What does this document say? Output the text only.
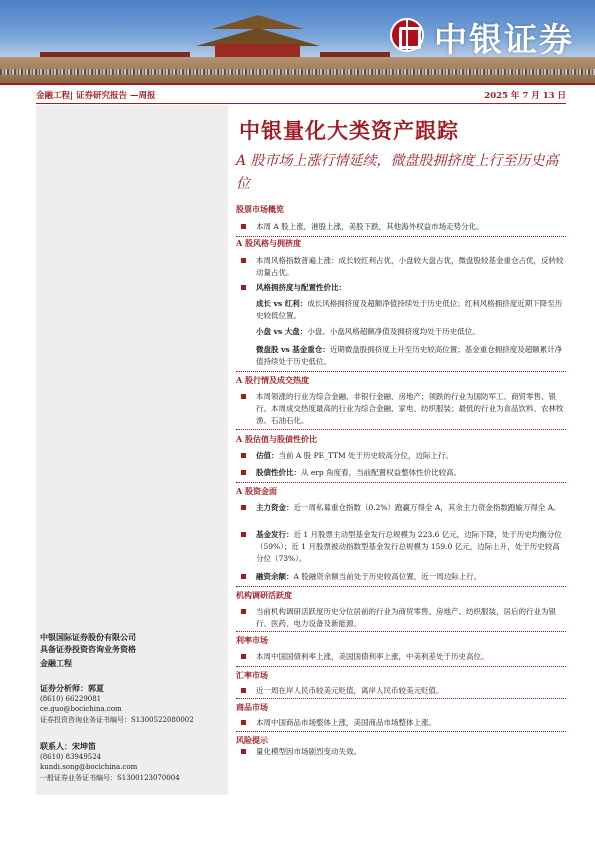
中银证券
金融工程| 证券研究报告 —周报	2025 年 7 月 13 日
中银国际证券股份有限公司
具备证券投资咨询业务资格
金融工程
证券分析师：郭夏
(8610) 66229081
ce.guo@bocichina.com
证券投资咨询业务证书编号：S1300522080002
联系人：宋坤笛
(8610) 83949524
kundi.song@bocichina.com
一般证券业务证书编号：S1300123070004
中银量化大类资产跟踪
A 股市场上涨行情延续，微盘股拥挤度上行至历史高位
股票市场概览
本周 A 股上涨，港股上涨，美股下跌，其他海外权益市场走势分化。
A 股风格与拥挤度
本周风格指数普遍上涨：成长较红利占优，小盘较大盘占优，微盘股较基金重仓占优，反转较动量占优。
风格拥挤度与配置性价比：
成长 vs 红利：成长风格拥挤度及超额净值持续处于历史低位；红利风格拥挤度近期下降至历史较低位置。
小盘 vs 大盘：小盘、小盘风格超额净值及拥挤度均处于历史低位。
微盘股 vs 基金重仓：近期微盘股拥挤度上升至历史较高位置；基金重仓拥挤度及超额累计净值持续处于历史低位。
A 股行情及成交热度
本周领涨的行业为综合金融、非银行金融、房地产；领跌的行业为国防军工、商贸零售、银行。本周成交热度最高的行业为综合金融、家电、纺织服装；最低的行业为食品饮料、农林牧渔、石油石化。
A 股估值与股债性价比
估值：当前 A 股 PE_TTM 处于历史较高分位，边际上行。
股债性价比：从 erp 角度看，当前配置权益整体性价比较高。
A 股资金面
主力资金：近一周私募重仓指数（0.2%）跑赢万得全 A，其余主力资金指数跑输万得全 A。
基金发行：近 1 月股票主动型基金发行总规模为 223.6 亿元，边际下降，处于历史均衡分位（59%）；近 1 月股票被动指数型基金发行总规模为 159.0 亿元，边际上升，处于历史较高分位（73%）。
融资余额：A 股融资余额当前处于历史较高位置，近一周边际上行。
机构调研活跃度
当前机构调研活跃度历史分位居前的行业为商贸零售、房地产、纺织服装，居后的行业为银行、医药、电力设备及新能源。
利率市场
本周中国国债利率上涨，美国国债利率上涨，中美利差处于历史高位。
汇率市场
近一周在岸人民币较美元贬值，离岸人民币较美元贬值。
商品市场
本周中国商品市场整体上涨，美国商品市场整体上涨。
风险提示
量化模型因市场剧烈变动失效。
